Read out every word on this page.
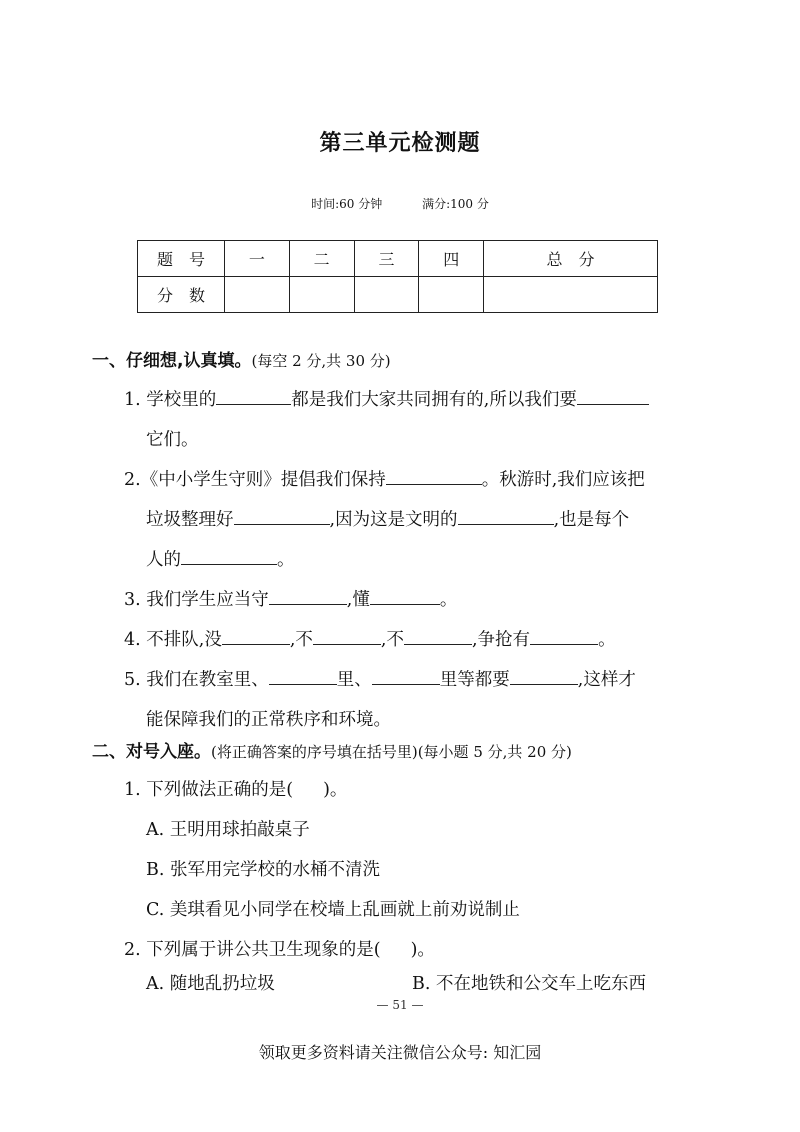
第三单元检测题
时间:60 分钟	满分:100 分
题　号	一	二	三	四	总　分
分　数					
一、仔细想,认真填。(每空 2 分,共 30 分)
1. 学校里的	都是我们大家共同拥有的,所以我们要
它们。
2.《中小学生守则》提倡我们保持	。秋游时,我们应该把
垃圾整理好	,因为这是文明的	,也是每个
人的	。
3. 我们学生应当守	,懂	。
4. 不排队,没	,不	,不	,争抢有	。
5. 我们在教室里、	里、	里等都要	,这样才
能保障我们的正常秩序和环境。
二、对号入座。(将正确答案的序号填在括号里)(每小题 5 分,共 20 分)
1. 下列做法正确的是( )。
A. 王明用球拍敲桌子
B. 张军用完学校的水桶不清洗
C. 美琪看见小同学在校墙上乱画就上前劝说制止
2. 下列属于讲公共卫生现象的是( )。
A. 随地乱扔垃圾	B. 不在地铁和公交车上吃东西
— 51 —
领取更多资料请关注微信公众号: 知汇园
